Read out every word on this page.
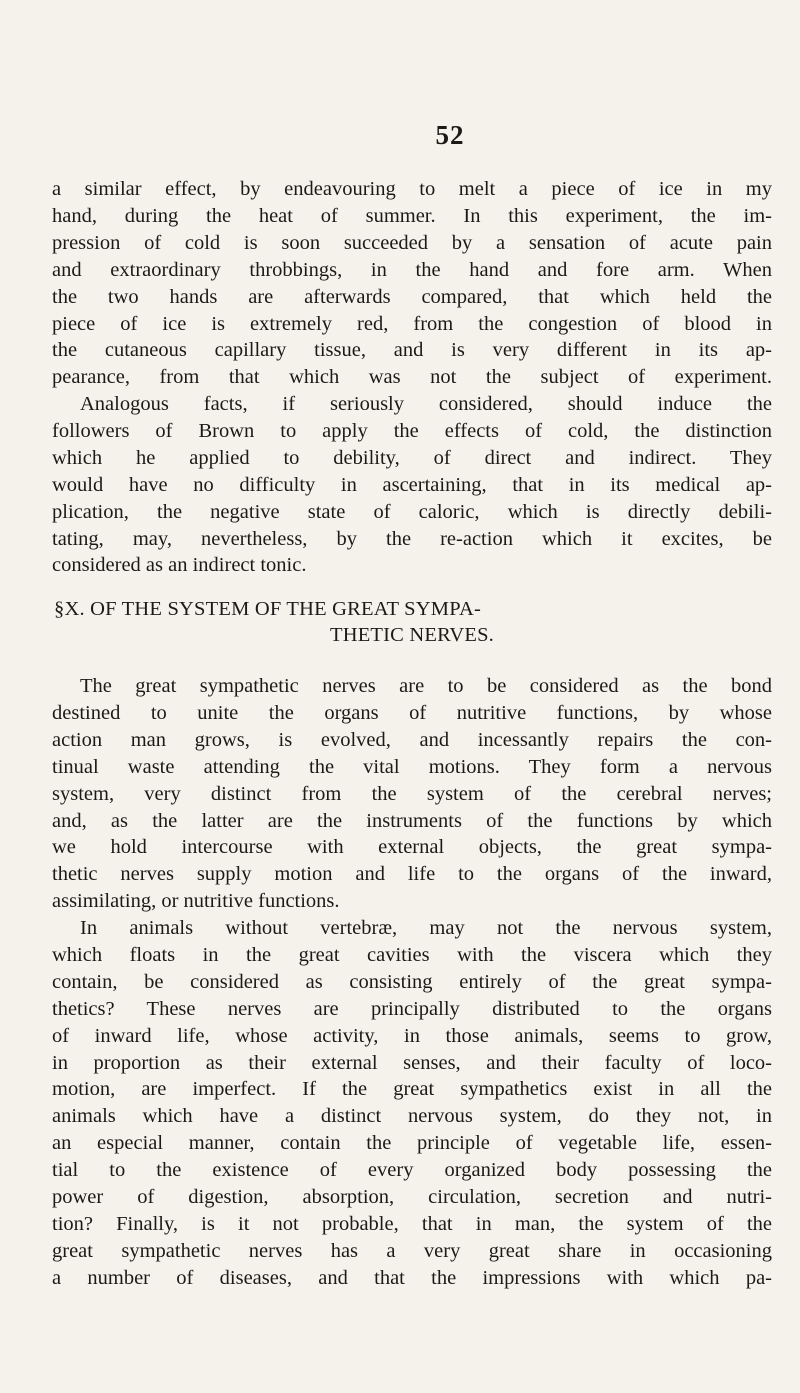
52
a similar effect, by endeavouring to melt a piece of ice in my
hand, during the heat of summer. In this experiment, the im-
pression of cold is soon succeeded by a sensation of acute pain
and extraordinary throbbings, in the hand and fore arm. When
the two hands are afterwards compared, that which held the
piece of ice is extremely red, from the congestion of blood in
the cutaneous capillary tissue, and is very different in its ap-
pearance, from that which was not the subject of experiment.
Analogous facts, if seriously considered, should induce the
followers of Brown to apply the effects of cold, the distinction
which he applied to debility, of direct and indirect. They
would have no difficulty in ascertaining, that in its medical ap-
plication, the negative state of caloric, which is directly debili-
tating, may, nevertheless, by the re-action which it excites, be
considered as an indirect tonic.
§X. OF THE SYSTEM OF THE GREAT SYMPA-
THETIC NERVES.
The great sympathetic nerves are to be considered as the bond
destined to unite the organs of nutritive functions, by whose
action man grows, is evolved, and incessantly repairs the con-
tinual waste attending the vital motions. They form a nervous
system, very distinct from the system of the cerebral nerves;
and, as the latter are the instruments of the functions by which
we hold intercourse with external objects, the great sympa-
thetic nerves supply motion and life to the organs of the inward,
assimilating, or nutritive functions.
In animals without vertebræ, may not the nervous system,
which floats in the great cavities with the viscera which they
contain, be considered as consisting entirely of the great sympa-
thetics? These nerves are principally distributed to the organs
of inward life, whose activity, in those animals, seems to grow,
in proportion as their external senses, and their faculty of loco-
motion, are imperfect. If the great sympathetics exist in all the
animals which have a distinct nervous system, do they not, in
an especial manner, contain the principle of vegetable life, essen-
tial to the existence of every organized body possessing the
power of digestion, absorption, circulation, secretion and nutri-
tion? Finally, is it not probable, that in man, the system of the
great sympathetic nerves has a very great share in occasioning
a number of diseases, and that the impressions with which pa-
